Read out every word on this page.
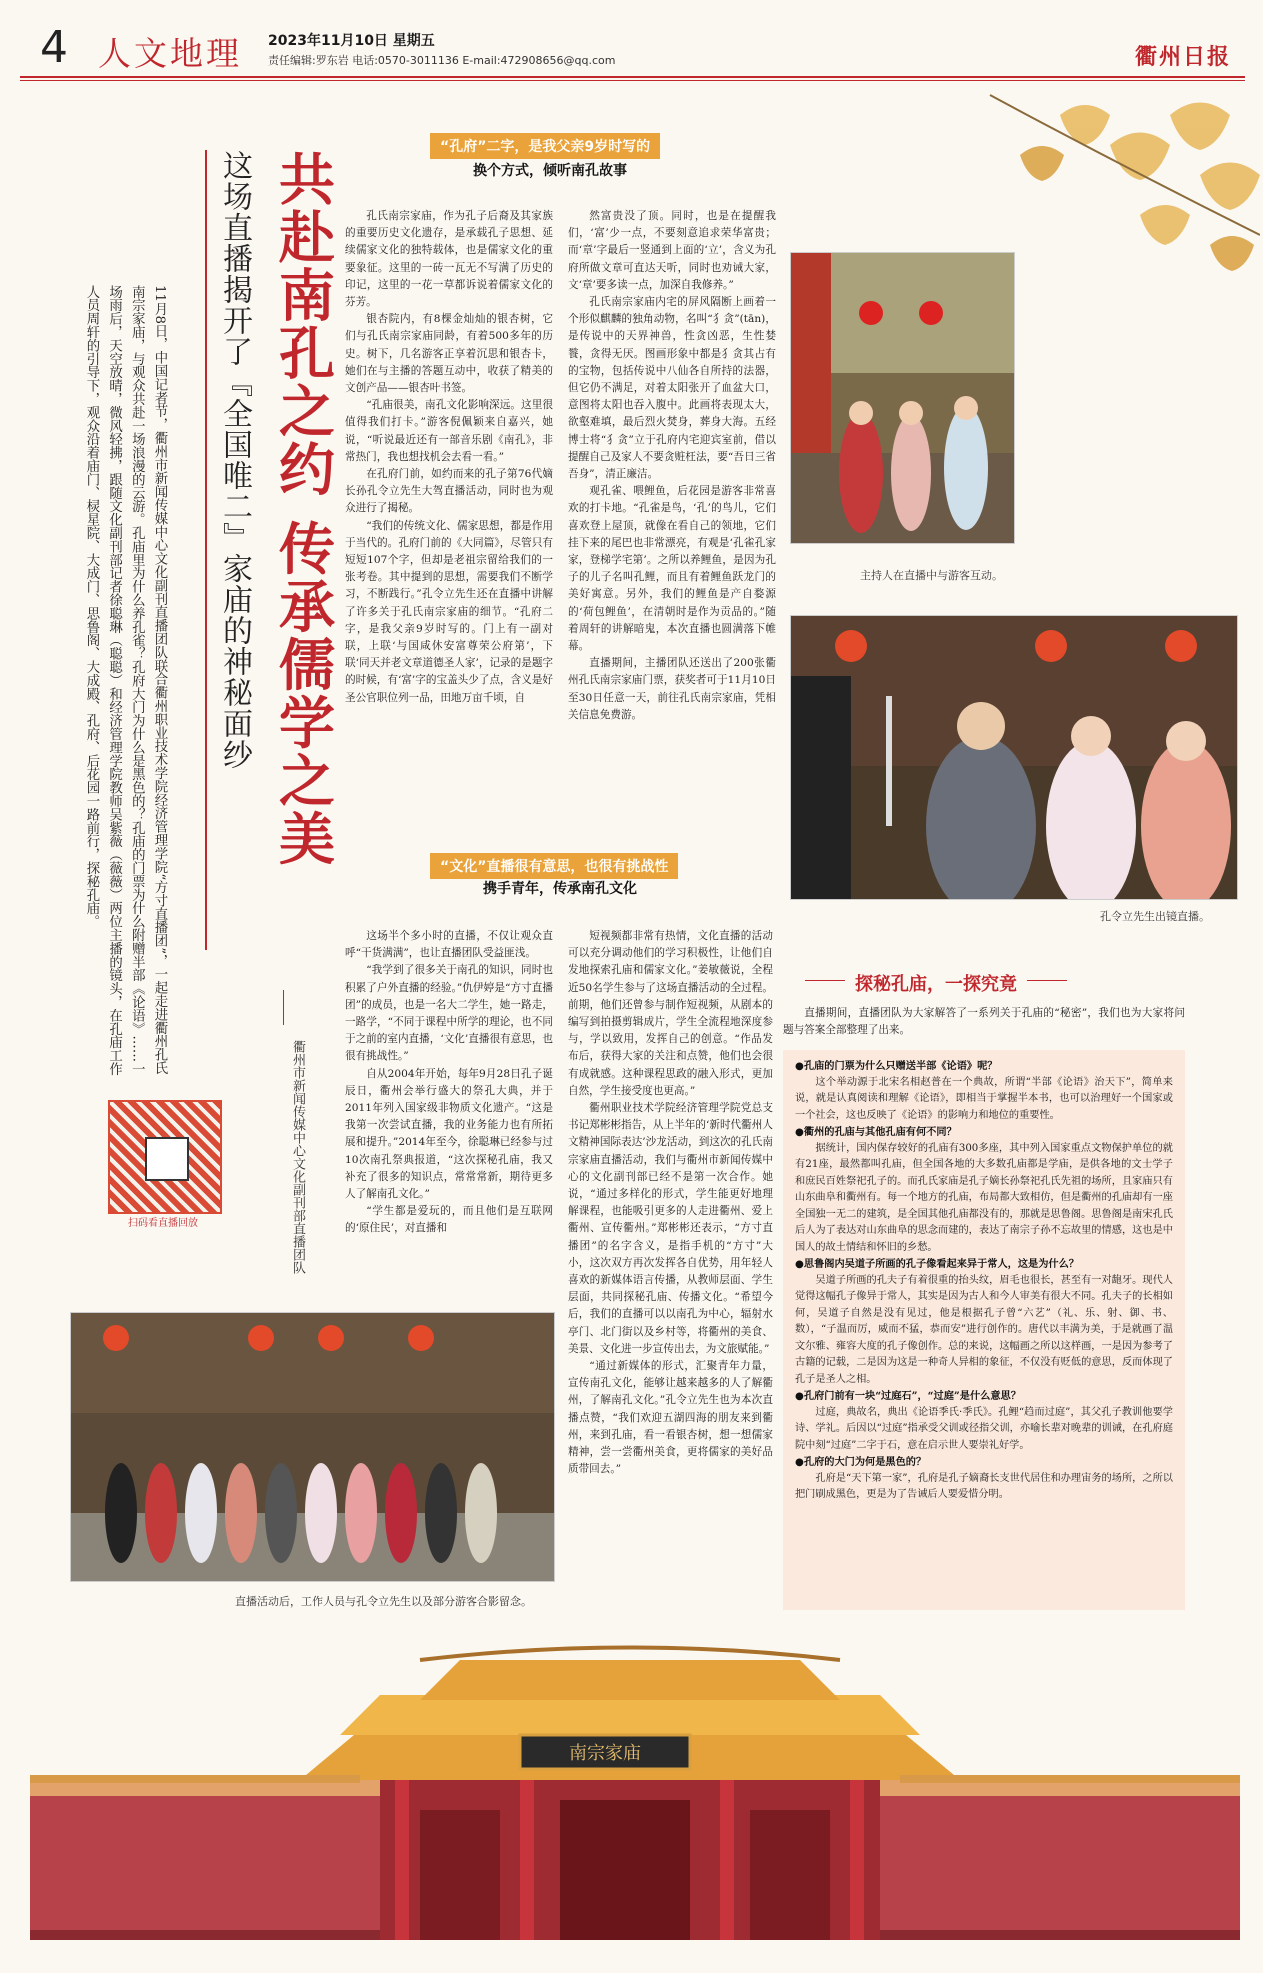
4 人文地理 2023年11月10日 星期五
责任编辑:罗东岩 电话:0570-3011136 E-mail:472908656@qq.com	衢州日报
共赴南孔之约 传承儒学之美
这场直播揭开了『全国唯二』家庙的神秘面纱
衢州市新闻传媒中心文化副刊部直播团队
11月8日，中国记者节，衢州市新闻传媒中心文化副刊直播团队联合衢州职业技术学院经济管理学院“方寸直播团”，一起走进衢州孔氏南宗家庙，与观众共赴一场浪漫的云游。孔庙里为什么养孔雀？孔府大门为什么是黑色的？孔庙的门票为什么附赠半部《论语》……一场雨后，天空放晴，微风轻拂，跟随文化副刊部记者徐聪琳（聪聪）和经济管理学院教师吴紫薇（薇薇）两位主播的镜头，在孔庙工作人员周轩的引导下，观众沿着庙门、棂星院、大成门、思鲁阁、大成殿、孔府、后花园一路前行，探秘孔庙。
扫码看直播回放
“孔府”二字，是我父亲9岁时写的
换个方式，倾听南孔故事

孔氏南宗家庙，作为孔子后裔及其家族的重要历史文化遗存，是承载孔子思想、延续儒家文化的独特载体，也是儒家文化的重要象征。这里的一砖一瓦无不写满了历史的印记，这里的一花一草都诉说着儒家文化的芬芳。

银杏院内，有8棵金灿灿的银杏树，它们与孔氏南宗家庙同龄，有着500多年的历史。树下，几名游客正享着沉思和银杏卡，她们在与主播的答题互动中，收获了精美的文创产品——银杏叶书签。

“孔庙很美，南孔文化影响深远。这里很值得我们打卡。”游客倪佩颖来自嘉兴，她说，“听说最近还有一部音乐剧《南孔》，非常热门，我也想找机会去看一看。”

在孔府门前，如约而来的孔子第76代嫡长孙孔令立先生大驾直播活动，同时也为观众进行了揭秘。

“我们的传统文化、儒家思想，都是作用于当代的。孔府门前的《大同篇》，尽管只有短短107个字，但却是老祖宗留给我们的一张考卷。其中提到的思想，需要我们不断学习，不断践行。”孔令立先生还在直播中讲解了许多关于孔氏南宗家庙的细节。“孔府二字，是我父亲9岁时写的。门上有一副对联，上联‘与国咸休安富尊荣公府第’，下联‘同天并老文章道德圣人家’，记录的是题字的时候，有‘富’字的宝盖头少了点，含义是好圣公官职位列一品，田地万亩千顷，自

然富贵没了顶。同时，也是在提醒我们，‘富’少一点，不要刻意追求荣华富贵；而‘章’字最后一竖通到上面的‘立’，含义为孔府所做文章可直达天听，同时也劝诫大家，文‘章’要多读一点，加深自我修养。”

孔氏南宗家庙内宅的屏风隔断上画着一个形似麒麟的独角动物，名叫“犭贪”(tān)，是传说中的天界神兽，性贪凶恶，生性婪餮，贪得无厌。图画形象中都是犭贪其占有的宝物，包括传说中八仙各自所持的法器，但它仍不满足，对着太阳张开了血盆大口，意图将太阳也吞入腹中。此画将表现太大，欲壑难填，最后烈火焚身，葬身大海。五经博士将“犭贪”立于孔府内宅迎宾室前，借以提醒自己及家人不要贪赃枉法，要“吾日三省吾身”，清正廉洁。

观孔雀、喂鲤鱼，后花园是游客非常喜欢的打卡地。“孔雀是鸟，‘孔’的鸟儿，它们喜欢登上屋顶，就像在看自己的领地，它们挂下来的尾巴也非常漂亮，有观是‘孔雀孔家家，登梯学宅第’。之所以养鲤鱼，是因为孔子的儿子名叫孔鲤，而且有着鲤鱼跃龙门的美好寓意。另外，我们的鲤鱼是产自婺源的‘荷包鲤鱼’，在清朝时是作为贡品的。”随着周轩的讲解暗鬼，本次直播也圆满落下帷幕。

直播期间，主播团队还送出了200张衢州孔氏南宗家庙门票，获奖者可于11月10日至30日任意一天，前往孔氏南宗家庙，凭相关信息免费游。

主持人在直播中与游客互动。
孔令立先生出镜直播。
“文化”直播很有意思，也很有挑战性
携手青年，传承南孔文化

这场半个多小时的直播，不仅让观众直呼“干货满满”，也让直播团队受益匪浅。

“我学到了很多关于南孔的知识，同时也积累了户外直播的经验。”仇伊婷是“方寸直播团”的成员，也是一名大二学生，她一路走，一路学，“不同于课程中所学的理论，也不同于之前的室内直播，‘文化’直播很有意思，也很有挑战性。”

自从2004年开始，每年9月28日孔子诞辰日，衢州会举行盛大的祭孔大典，并于2011年列入国家级非物质文化遗产。“这是我第一次尝试直播，我的业务能力也有所拓展和提升。”2014年至今，徐聪琳已经参与过10次南孔祭典报道，“这次探秘孔庙，我又补充了很多的知识点，常常常新，期待更多人了解南孔文化。”

“学生都是爱玩的，而且他们是互联网的‘原住民’，对直播和

短视频都非常有热情，文化直播的活动可以充分调动他们的学习积极性，让他们自发地探索孔庙和儒家文化。”姜敏薇说，全程近50名学生参与了这场直播活动的全过程。前期，他们还曾参与制作短视频，从剧本的编写到拍摄剪辑成片，学生全流程地深度参与，学以致用，发挥自己的创意。“作品发布后，获得大家的关注和点赞，他们也会很有成就感。这种课程思政的融入形式，更加自然，学生接受度也更高。”

衢州职业技术学院经济管理学院党总支书记郑彬彬指告，从上半年的‘新时代衢州人文精神国际表达’沙龙活动，到这次的孔氏南宗家庙直播活动，我们与衢州市新闻传媒中心的文化副刊部已经不是第一次合作。她说，“通过多样化的形式，学生能更好地理解课程，也能吸引更多的人走进衢州、爱上衢州、宣传衢州。”郑彬彬还表示，“方寸直播团”的名字含义，是指手机的“方寸”大小，这次双方再次发挥各自优势，用年轻人喜欢的新媒体语言传播，从教师层面、学生层面，共同探秘孔庙、传播文化。“希望今后，我们的直播可以以南孔为中心，辐射水亭门、北门街以及乡村等，将衢州的美食、美景、文化进一步宣传出去，为文旅赋能。”

“通过新媒体的形式，汇聚青年力量，宣传南孔文化，能够让越来越多的人了解衢州，了解南孔文化。”孔令立先生也为本次直播点赞，“我们欢迎五湖四海的朋友来到衢州，来到孔庙，看一看银杏树，想一想儒家精神，尝一尝衢州美食，更将儒家的美好品质带回去。”

直播活动后，工作人员与孔令立先生以及部分游客合影留念。
探秘孔庙，一探究竟

直播期间，直播团队为大家解答了一系列关于孔庙的“秘密”，我们也为大家将问题与答案全部整理了出来。

●孔庙的门票为什么只赠送半部《论语》呢？

这个举动源于北宋名相赵普在一个典故，所谓“半部《论语》治天下”，简单来说，就是认真阅读和理解《论语》，即相当于掌握半本书，也可以治理好一个国家或一个社会，这也反映了《论语》的影响力和地位的重要性。

●衢州的孔庙与其他孔庙有何不同？

据统计，国内保存较好的孔庙有300多座，其中列入国家重点文物保护单位的就有21座，最然都叫孔庙，但全国各地的大多数孔庙都是学庙，是供各地的文士学子和庶民百姓祭祀孔子的。而孔氏家庙是孔子嫡长孙祭祀孔氏先祖的场所，且家庙只有山东曲阜和衢州有。每一个地方的孔庙，布局都大致相仿，但是衢州的孔庙却有一座全国独一无二的建筑，是全国其他孔庙都没有的，那就是思鲁阁。思鲁阁是南宋孔氏后人为了表达对山东曲阜的思念而建的，表达了南宗子孙不忘故里的情感，这也是中国人的故土情结和怀旧的乡愁。

●思鲁阁内吴道子所画的孔子像看起来异于常人，这是为什么？

吴道子所画的孔夫子有着很重的抬头纹，眉毛也很长，甚至有一对龅牙。现代人觉得这幅孔子像异于常人，其实是因为古人和今人审美有很大不同。孔夫子的长相如何，吴道子自然是没有见过，他是根据孔子曾“六艺”（礼、乐、射、御、书、数），“子温而厉，威而不猛，恭而安”进行创作的。唐代以丰满为美，于是就画了温文尔雅、雍容大度的孔子像创作。总的来说，这幅画之所以这样画，一是因为参考了古籍的记载，二是因为这是一种奇人异相的象征，不仅没有贬低的意思，反而体现了孔子是圣人之相。

●孔府门前有一块“过庭石”，“过庭”是什么意思？

过庭，典故名，典出《论语季氏·季氏》。孔鲤“趋而过庭”，其父孔子教训他要学诗、学礼。后因以“过庭”指承受父训或径指父训，亦喻长辈对晚辈的训诫，在孔府庭院中刻“过庭”二字于石，意在启示世人要崇礼好学。

●孔府的大门为何是黑色的？

孔府是“天下第一家”，孔府是孔子嫡裔长支世代居住和办理宙务的场所，之所以把门刷成黑色，更是为了告诫后人要爱惜分明。

南宗家庙
